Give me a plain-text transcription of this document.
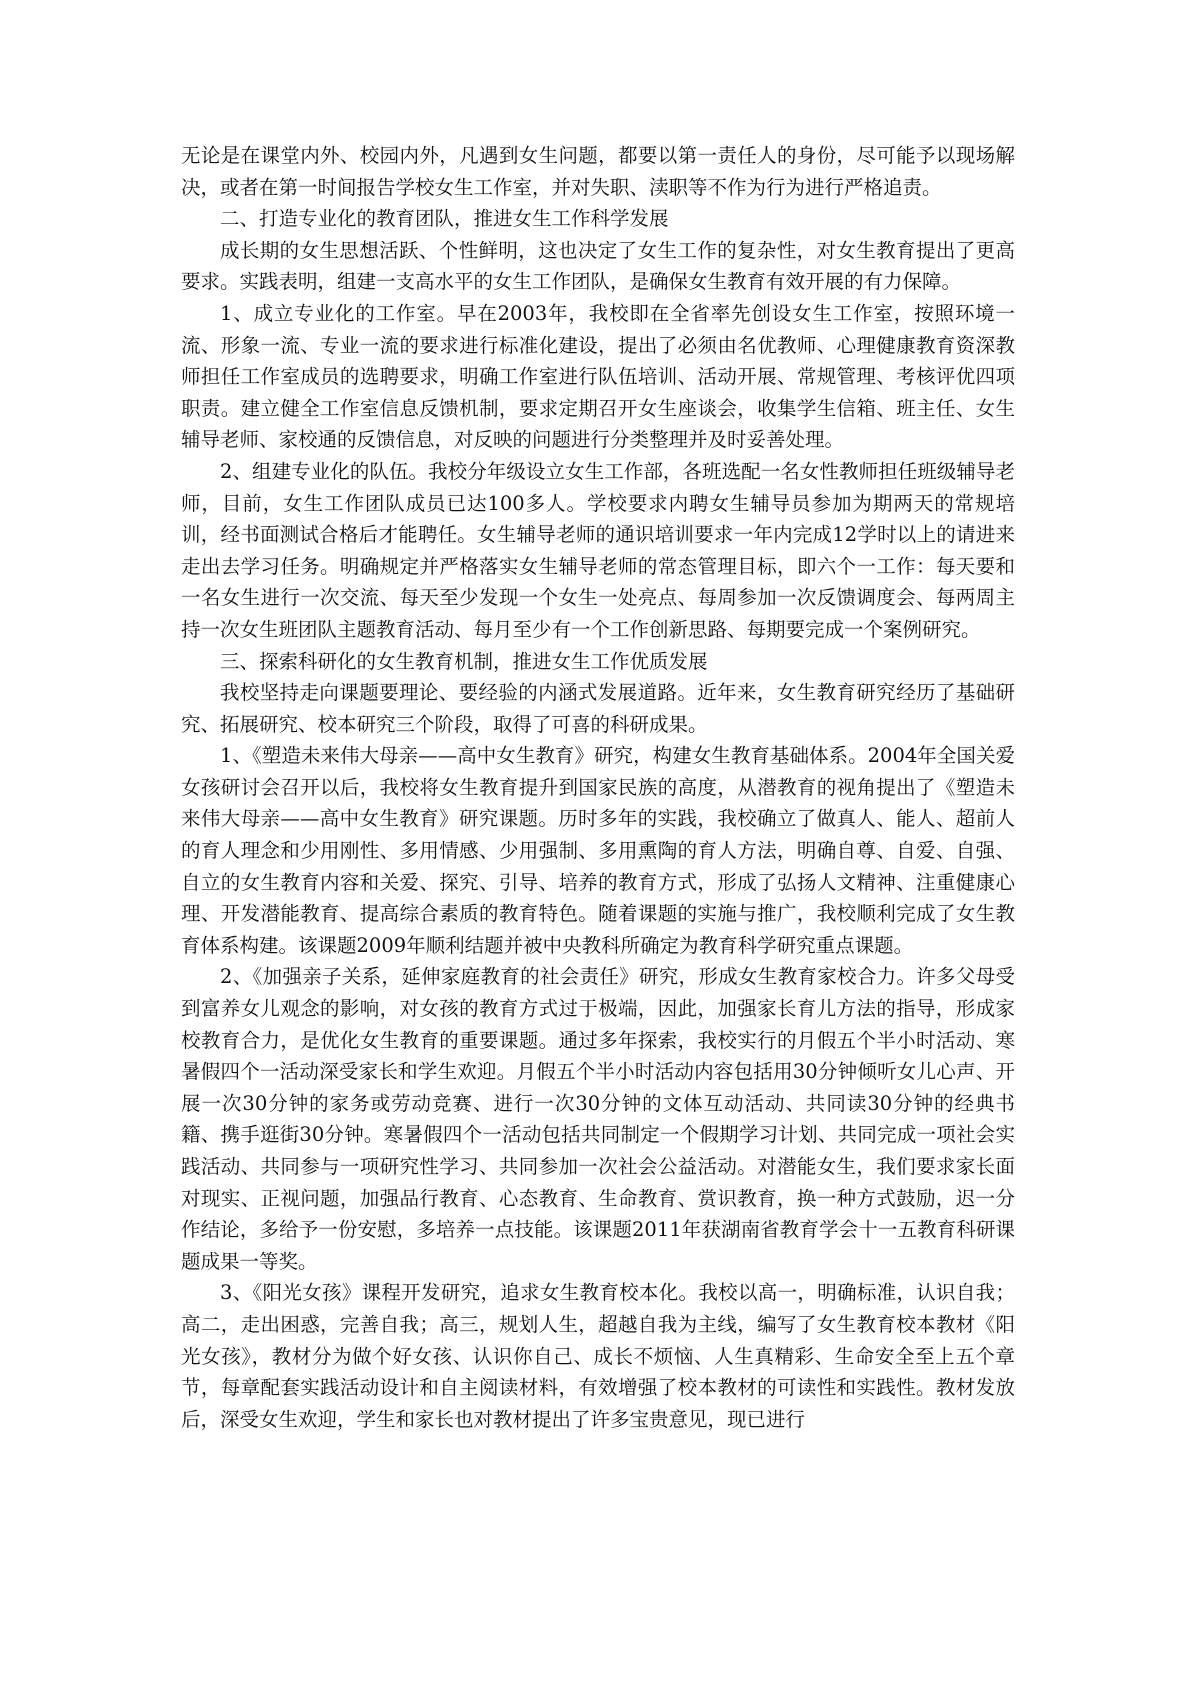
无论是在课堂内外、校园内外，凡遇到女生问题，都要以第一责任人的身份，尽可能予以现场解决，或者在第一时间报告学校女生工作室，并对失职、渎职等不作为行为进行严格追责。

二、打造专业化的教育团队，推进女生工作科学发展

成长期的女生思想活跃、个性鲜明，这也决定了女生工作的复杂性，对女生教育提出了更高要求。实践表明，组建一支高水平的女生工作团队，是确保女生教育有效开展的有力保障。

1、成立专业化的工作室。早在2003年，我校即在全省率先创设女生工作室，按照环境一流、形象一流、专业一流的要求进行标准化建设，提出了必须由名优教师、心理健康教育资深教师担任工作室成员的选聘要求，明确工作室进行队伍培训、活动开展、常规管理、考核评优四项职责。建立健全工作室信息反馈机制，要求定期召开女生座谈会，收集学生信箱、班主任、女生辅导老师、家校通的反馈信息，对反映的问题进行分类整理并及时妥善处理。

2、组建专业化的队伍。我校分年级设立女生工作部，各班选配一名女性教师担任班级辅导老师，目前，女生工作团队成员已达100多人。学校要求内聘女生辅导员参加为期两天的常规培训，经书面测试合格后才能聘任。女生辅导老师的通识培训要求一年内完成12学时以上的请进来走出去学习任务。明确规定并严格落实女生辅导老师的常态管理目标，即六个一工作：每天要和一名女生进行一次交流、每天至少发现一个女生一处亮点、每周参加一次反馈调度会、每两周主持一次女生班团队主题教育活动、每月至少有一个工作创新思路、每期要完成一个案例研究。

三、探索科研化的女生教育机制，推进女生工作优质发展

我校坚持走向课题要理论、要经验的内涵式发展道路。近年来，女生教育研究经历了基础研究、拓展研究、校本研究三个阶段，取得了可喜的科研成果。

1、《塑造未来伟大母亲——高中女生教育》研究，构建女生教育基础体系。2004年全国关爱女孩研讨会召开以后，我校将女生教育提升到国家民族的高度，从潜教育的视角提出了《塑造未来伟大母亲——高中女生教育》研究课题。历时多年的实践，我校确立了做真人、能人、超前人的育人理念和少用刚性、多用情感、少用强制、多用熏陶的育人方法，明确自尊、自爱、自强、自立的女生教育内容和关爱、探究、引导、培养的教育方式，形成了弘扬人文精神、注重健康心理、开发潜能教育、提高综合素质的教育特色。随着课题的实施与推广，我校顺利完成了女生教育体系构建。该课题2009年顺利结题并被中央教科所确定为教育科学研究重点课题。

2、《加强亲子关系，延伸家庭教育的社会责任》研究，形成女生教育家校合力。许多父母受到富养女儿观念的影响，对女孩的教育方式过于极端，因此，加强家长育儿方法的指导，形成家校教育合力，是优化女生教育的重要课题。通过多年探索，我校实行的月假五个半小时活动、寒暑假四个一活动深受家长和学生欢迎。月假五个半小时活动内容包括用30分钟倾听女儿心声、开展一次30分钟的家务或劳动竞赛、进行一次30分钟的文体互动活动、共同读30分钟的经典书籍、携手逛街30分钟。寒暑假四个一活动包括共同制定一个假期学习计划、共同完成一项社会实践活动、共同参与一项研究性学习、共同参加一次社会公益活动。对潜能女生，我们要求家长面对现实、正视问题，加强品行教育、心态教育、生命教育、赏识教育，换一种方式鼓励，迟一分作结论，多给予一份安慰，多培养一点技能。该课题2011年获湖南省教育学会十一五教育科研课题成果一等奖。

3、《阳光女孩》课程开发研究，追求女生教育校本化。我校以高一，明确标准，认识自我；高二，走出困惑，完善自我；高三，规划人生，超越自我为主线，编写了女生教育校本教材《阳光女孩》，教材分为做个好女孩、认识你自己、成长不烦恼、人生真精彩、生命安全至上五个章节，每章配套实践活动设计和自主阅读材料，有效增强了校本教材的可读性和实践性。教材发放后，深受女生欢迎，学生和家长也对教材提出了许多宝贵意见，现已进行
